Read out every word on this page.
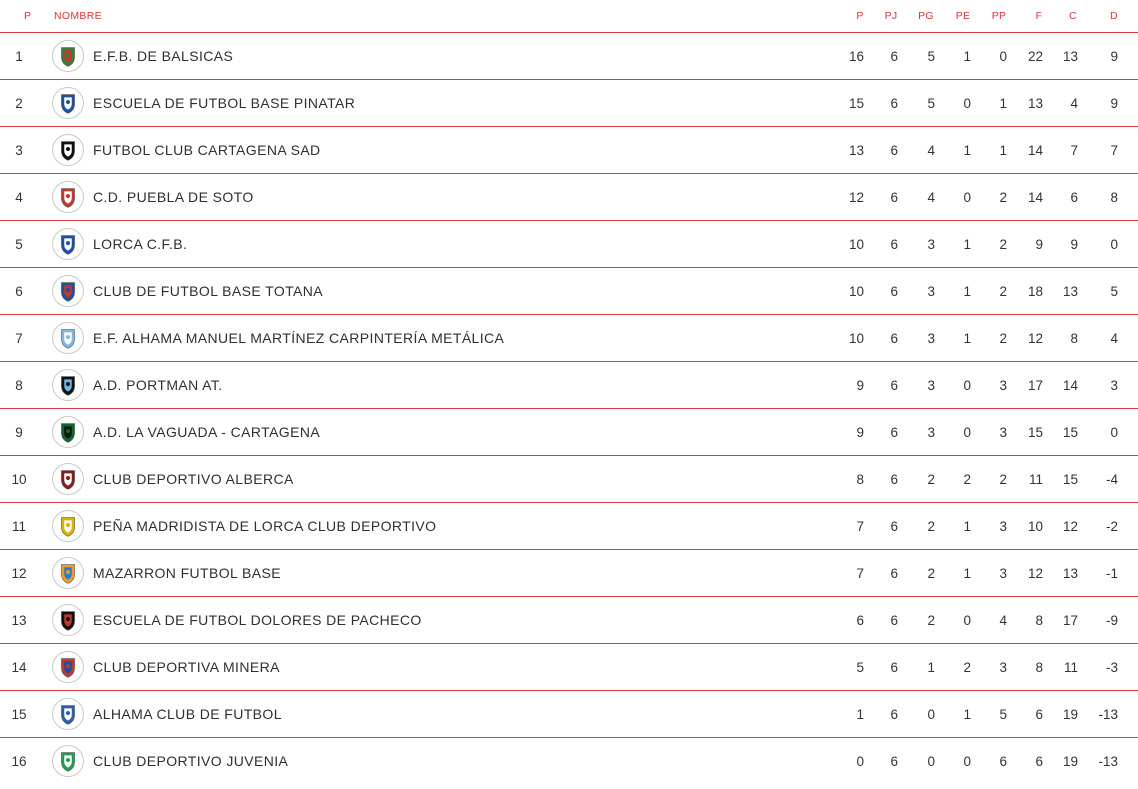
P NOMBRE	P	PJ	PG	PE	PP	F	C	D
1	E.F.B. DE BALSICAS	16	6	5	1	0	22	13	9
2	ESCUELA DE FUTBOL BASE PINATAR	15	6	5	0	1	13	4	9
3	FUTBOL CLUB CARTAGENA SAD	13	6	4	1	1	14	7	7
4	C.D. PUEBLA DE SOTO	12	6	4	0	2	14	6	8
5	LORCA C.F.B.	10	6	3	1	2	9	9	0
6	CLUB DE FUTBOL BASE TOTANA	10	6	3	1	2	18	13	5
7	E.F. ALHAMA MANUEL MARTÍNEZ CARPINTERÍA METÁLICA	10	6	3	1	2	12	8	4
8	A.D. PORTMAN AT.	9	6	3	0	3	17	14	3
9	A.D. LA VAGUADA - CARTAGENA	9	6	3	0	3	15	15	0
10	CLUB DEPORTIVO ALBERCA	8	6	2	2	2	11	15	-4
11	PEÑA MADRIDISTA DE LORCA CLUB DEPORTIVO	7	6	2	1	3	10	12	-2
12	MAZARRON FUTBOL BASE	7	6	2	1	3	12	13	-1
13	ESCUELA DE FUTBOL DOLORES DE PACHECO	6	6	2	0	4	8	17	-9
14	CLUB DEPORTIVA MINERA	5	6	1	2	3	8	11	-3
15	ALHAMA CLUB DE FUTBOL	1	6	0	1	5	6	19	-13
16	CLUB DEPORTIVO JUVENIA	0	6	0	0	6	6	19	-13
